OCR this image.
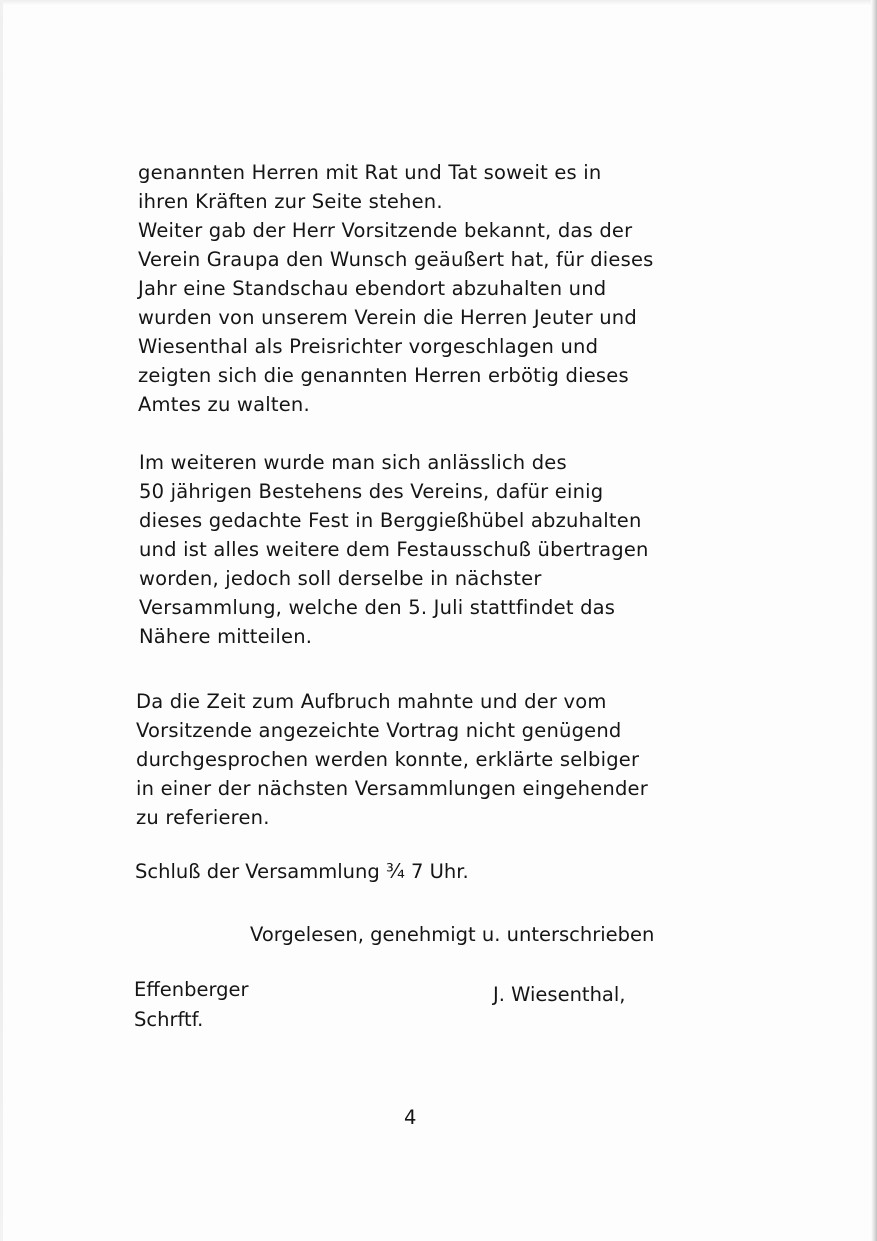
genannten Herren mit Rat und Tat soweit es in
ihren Kräften zur Seite stehen.
Weiter gab der Herr Vorsitzende bekannt, das der
Verein Graupa den Wunsch geäußert hat, für dieses
Jahr eine Standschau ebendort abzuhalten und
wurden von unserem Verein die Herren Jeuter und
Wiesenthal als Preisrichter vorgeschlagen und
zeigten sich die genannten Herren erbötig dieses
Amtes zu walten.
Im weiteren wurde man sich anlässlich des
50 jährigen Bestehens des Vereins, dafür einig
dieses gedachte Fest in Berggießhübel abzuhalten
und ist alles weitere dem Festausschuß übertragen
worden, jedoch soll derselbe in nächster
Versammlung, welche den 5. Juli stattfindet das
Nähere mitteilen.
Da die Zeit zum Aufbruch mahnte und der vom
Vorsitzende angezeichte Vortrag nicht genügend
durchgesprochen werden konnte, erklärte selbiger
in einer der nächsten Versammlungen eingehender
zu referieren.
Schluß der Versammlung ¾ 7 Uhr.
Vorgelesen, genehmigt u. unterschrieben
Effenberger
Schrftf.
J. Wiesenthal,
4
